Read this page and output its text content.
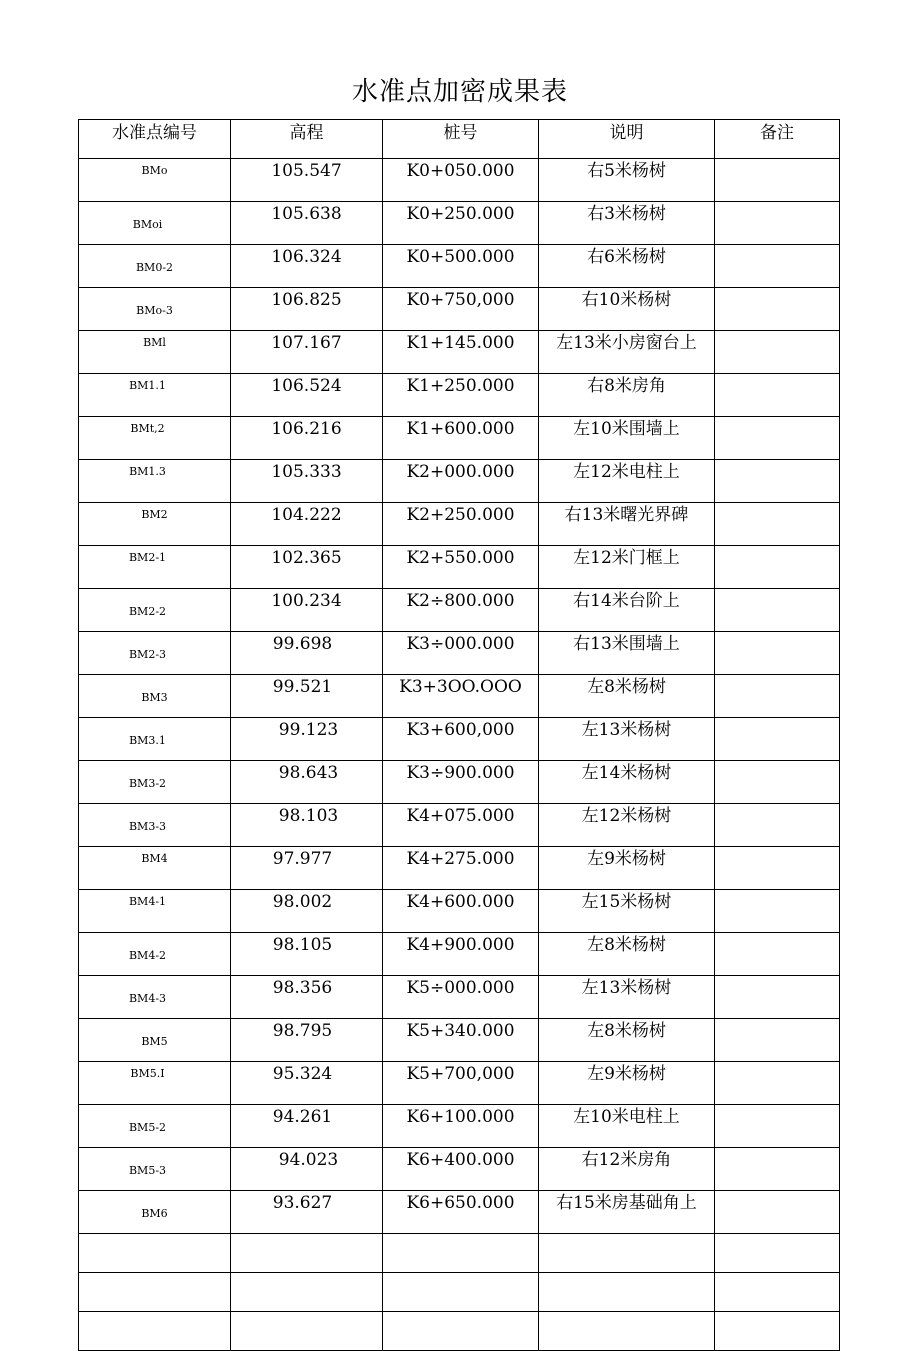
水准点加密成果表
水准点编号	高程	桩号	说明	备注
BMo	105.547	K0+050.000	右5米杨树	
BMoi	105.638	K0+250.000	右3米杨树	
BM0-2	106.324	K0+500.000	右6米杨树	
BMo-3	106.825	K0+750,000	右10米杨树	
BMl	107.167	K1+145.000	左13米小房窗台上	
BM1.1	106.524	K1+250.000	右8米房角	
BMt,2	106.216	K1+600.000	左10米围墙上	
BM1.3	105.333	K2+000.000	左12米电柱上	
BM2	104.222	K2+250.000	右13米曙光界碑	
BM2-1	102.365	K2+550.000	左12米门框上	
BM2-2	100.234	K2÷800.000	右14米台阶上	
BM2-3	99.698	K3÷000.000	右13米围墙上	
BM3	99.521	K3+3OO.OOO	左8米杨树	
BM3.1	99.123	K3+600,000	左13米杨树	
BM3-2	98.643	K3÷900.000	左14米杨树	
BM3-3	98.103	K4+075.000	左12米杨树	
BM4	97.977	K4+275.000	左9米杨树	
BM4-1	98.002	K4+600.000	左15米杨树	
BM4-2	98.105	K4+900.000	左8米杨树	
BM4-3	98.356	K5÷000.000	左13米杨树	
BM5	98.795	K5+340.000	左8米杨树	
BM5.I	95.324	K5+700,000	左9米杨树	
BM5-2	94.261	K6+100.000	左10米电柱上	
BM5-3	94.023	K6+400.000	右12米房角	
BM6	93.627	K6+650.000	右15米房基础角上	
